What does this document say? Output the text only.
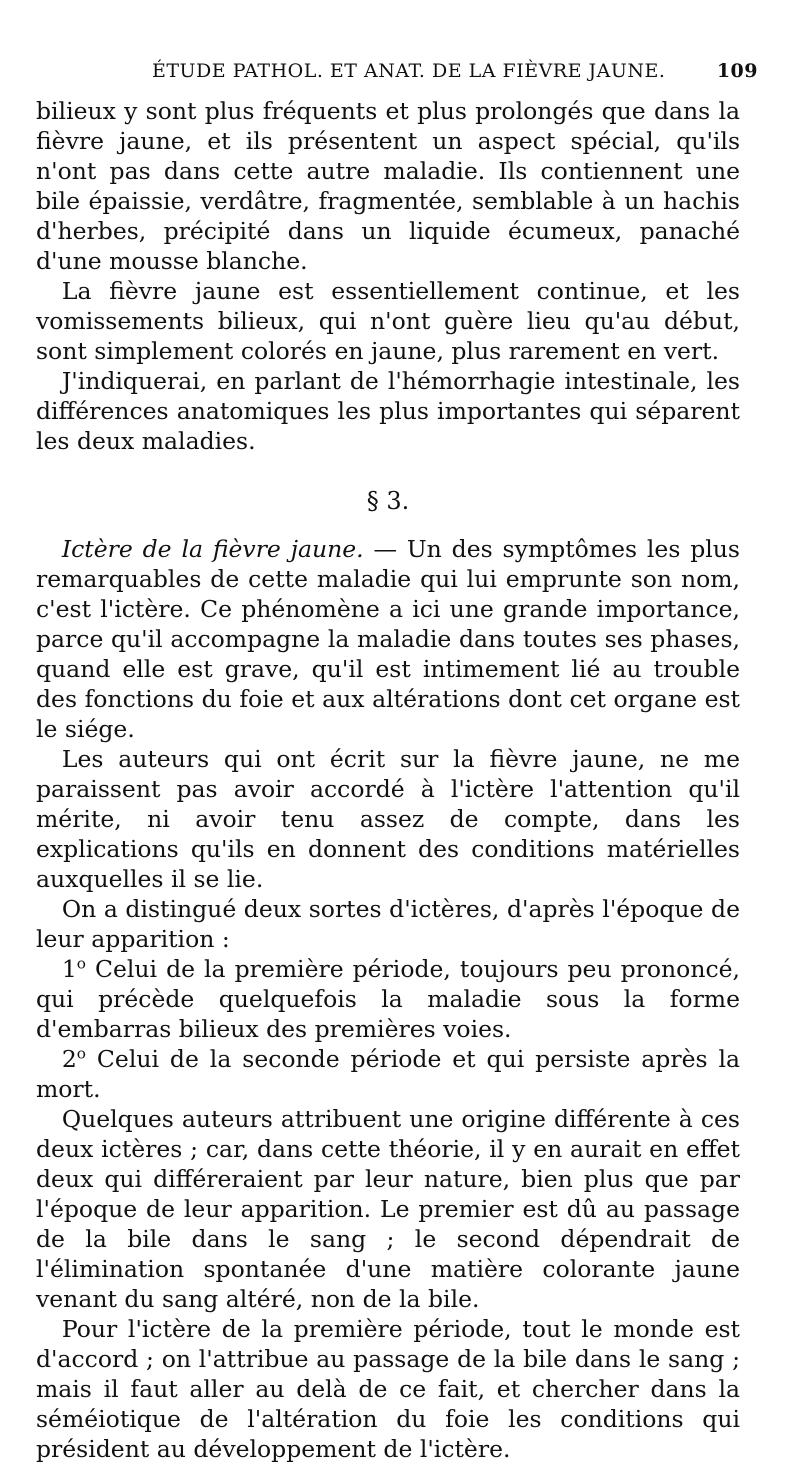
ÉTUDE PATHOL. ET ANAT. DE LA FIÈVRE JAUNE.	109

bilieux y sont plus fréquents et plus prolongés que dans la fièvre jaune, et ils présentent un aspect spécial, qu'ils n'ont pas dans cette autre maladie. Ils contiennent une bile épaissie, verdâtre, fragmentée, semblable à un hachis d'herbes, précipité dans un liquide écumeux, panaché d'une mousse blanche.

La fièvre jaune est essentiellement continue, et les vomissements bilieux, qui n'ont guère lieu qu'au début, sont simplement colorés en jaune, plus rarement en vert.

J'indiquerai, en parlant de l'hémorrhagie intestinale, les différences anatomiques les plus importantes qui séparent les deux maladies.

§ 3.

Ictère de la fièvre jaune. — Un des symptômes les plus remarquables de cette maladie qui lui emprunte son nom, c'est l'ictère. Ce phénomène a ici une grande importance, parce qu'il accompagne la maladie dans toutes ses phases, quand elle est grave, qu'il est intimement lié au trouble des fonctions du foie et aux altérations dont cet organe est le siége.

Les auteurs qui ont écrit sur la fièvre jaune, ne me paraissent pas avoir accordé à l'ictère l'attention qu'il mérite, ni avoir tenu assez de compte, dans les explications qu'ils en donnent des conditions matérielles auxquelles il se lie.

On a distingué deux sortes d'ictères, d'après l'époque de leur apparition :

1$^o$ Celui de la première période, toujours peu prononcé, qui précède quelquefois la maladie sous la forme d'embarras bilieux des premières voies.

2$^o$ Celui de la seconde période et qui persiste après la mort.

Quelques auteurs attribuent une origine différente à ces deux ictères ; car, dans cette théorie, il y en aurait en effet deux qui différeraient par leur nature, bien plus que par l'époque de leur apparition. Le premier est dû au passage de la bile dans le sang ; le second dépendrait de l'élimination spontanée d'une matière colorante jaune venant du sang altéré, non de la bile.

Pour l'ictère de la première période, tout le monde est d'accord ; on l'attribue au passage de la bile dans le sang ; mais il faut aller au delà de ce fait, et chercher dans la séméiotique de l'altération du foie les conditions qui président au développement de l'ictère.
